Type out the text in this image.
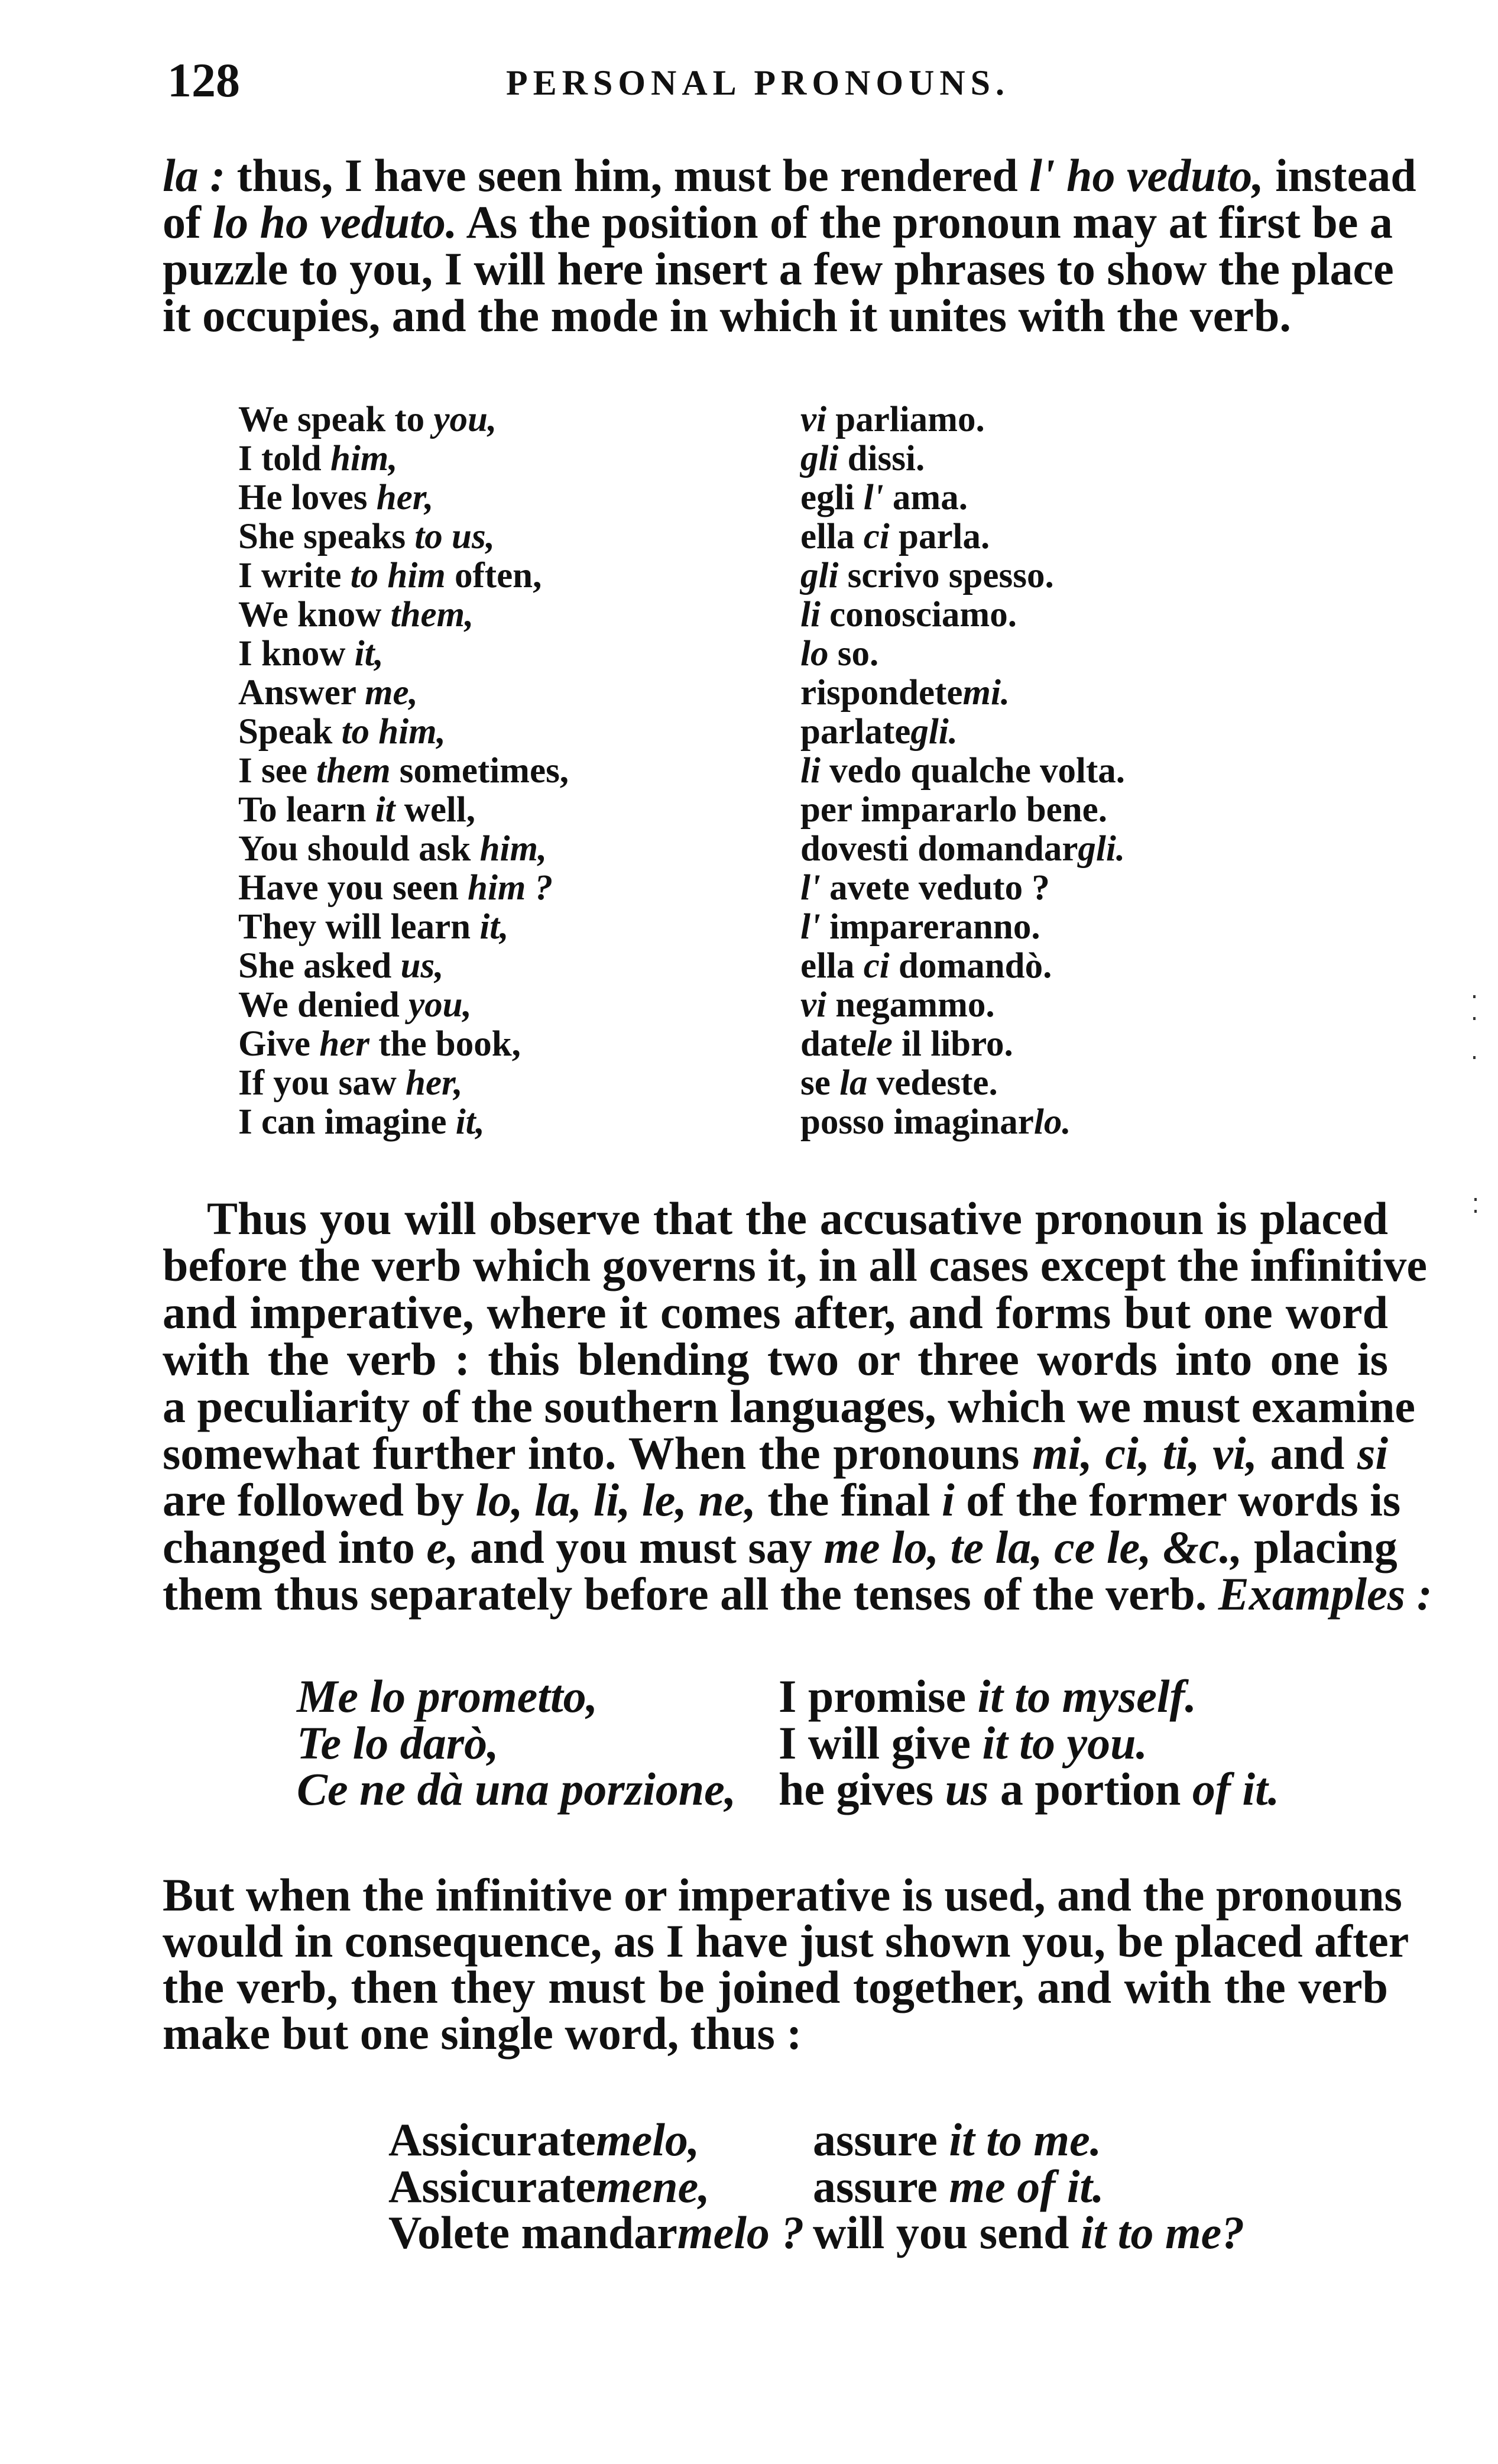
128	PERSONAL PRONOUNS.
la : thus, I have seen him, must be rendered l' ho veduto, instead
of lo ho veduto. As the position of the pronoun may at first be a
puzzle to you, I will here insert a few phrases to show the place
it occupies, and the mode in which it unites with the verb.
We speak to you,	vi parliamo.
I told him,	gli dissi.
He loves her,	egli l' ama.
She speaks to us,	ella ci parla.
I write to him often,	gli scrivo spesso.
We know them,	li conosciamo.
I know it,	lo so.
Answer me,	rispondetemi.
Speak to him,	parlategli.
I see them sometimes,	li vedo qualche volta.
To learn it well,	per impararlo bene.
You should ask him,	dovesti domandargli.
Have you seen him ?	l' avete veduto ?
They will learn it,	l' impareranno.
She asked us,	ella ci domandò.
We denied you,	vi negammo.
Give her the book,	datele il libro.
If you saw her,	se la vedeste.
I can imagine it,	posso imaginarlo.
Thus you will observe that the accusative pronoun is placed
before the verb which governs it, in all cases except the infinitive
and imperative, where it comes after, and forms but one word
with the verb : this blending two or three words into one is
a peculiarity of the southern languages, which we must examine
somewhat further into. When the pronouns mi, ci, ti, vi, and si
are followed by lo, la, li, le, ne, the final i of the former words is
changed into e, and you must say me lo, te la, ce le, &c., placing
them thus separately before all the tenses of the verb. Examples :
Me lo prometto,	I promise it to myself.
Te lo darò,	I will give it to you.
Ce ne dà una porzione, he gives us a portion of it.
But when the infinitive or imperative is used, and the pronouns
would in consequence, as I have just shown you, be placed after
the verb, then they must be joined together, and with the verb
make but one single word, thus :
Assicuratemelo, assure it to me.
Assicuratemene, assure me of it.
Volete mandarmelo ? will you send it to me?
